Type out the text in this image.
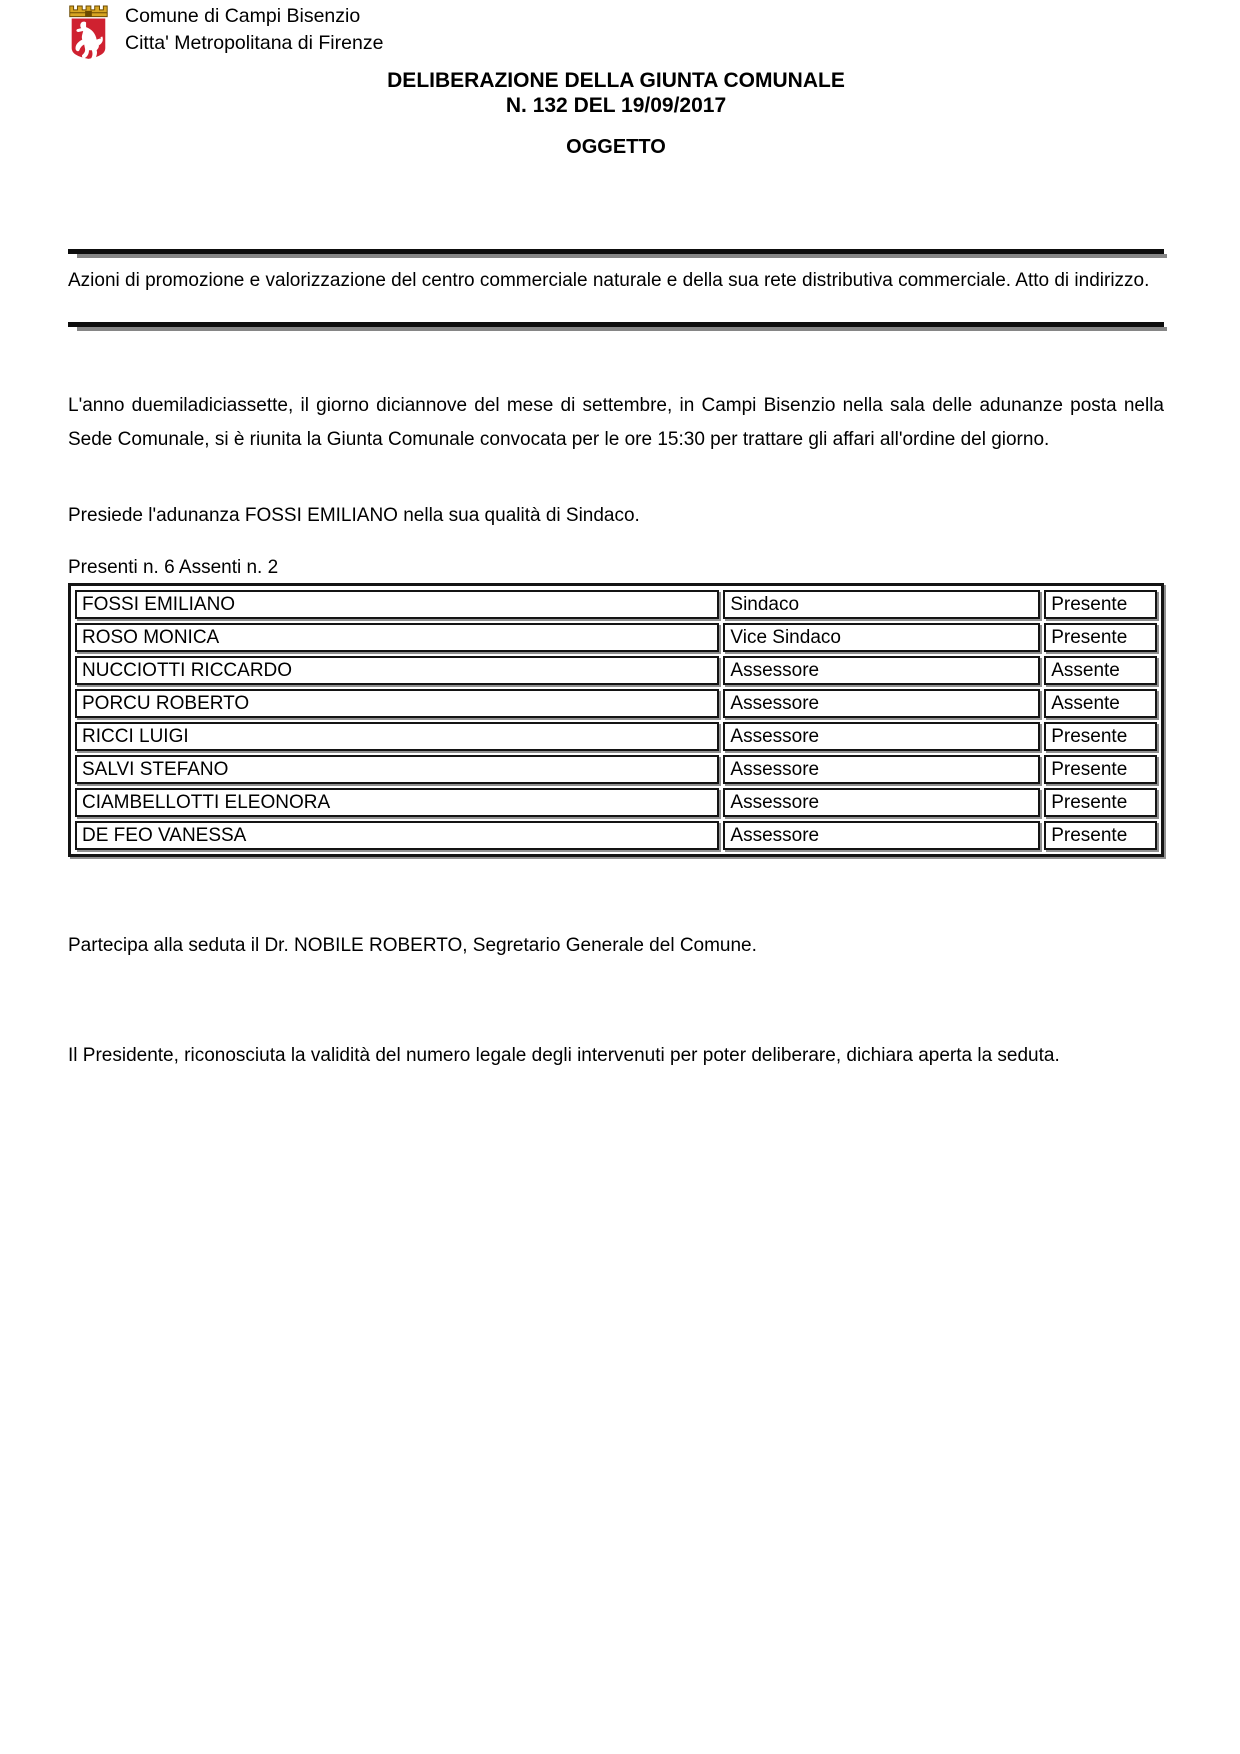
Comune di Campi Bisenzio
Citta' Metropolitana di Firenze
DELIBERAZIONE DELLA GIUNTA COMUNALE
N. 132 DEL 19/09/2017
OGGETTO

Azioni di promozione e valorizzazione del centro commerciale naturale e della sua rete distributiva commerciale. Atto di indirizzo.

L'anno duemiladiciassette, il giorno diciannove del mese di settembre, in Campi Bisenzio nella sala delle adunanze posta nella Sede Comunale, si è riunita la Giunta Comunale convocata per le ore 15:30 per trattare gli affari all'ordine del giorno.

Presiede l'adunanza FOSSI EMILIANO nella sua qualità di Sindaco.

Presenti n. 6 Assenti n. 2

FOSSI EMILIANO	Sindaco	Presente
ROSO MONICA	Vice Sindaco	Presente
NUCCIOTTI RICCARDO	Assessore	Assente
PORCU ROBERTO	Assessore	Assente
RICCI LUIGI	Assessore	Presente
SALVI STEFANO	Assessore	Presente
CIAMBELLOTTI ELEONORA	Assessore	Presente
DE FEO VANESSA	Assessore	Presente

Partecipa alla seduta il Dr. NOBILE ROBERTO, Segretario Generale del Comune.

Il Presidente, riconosciuta la validità del numero legale degli intervenuti per poter deliberare, dichiara aperta la seduta.
